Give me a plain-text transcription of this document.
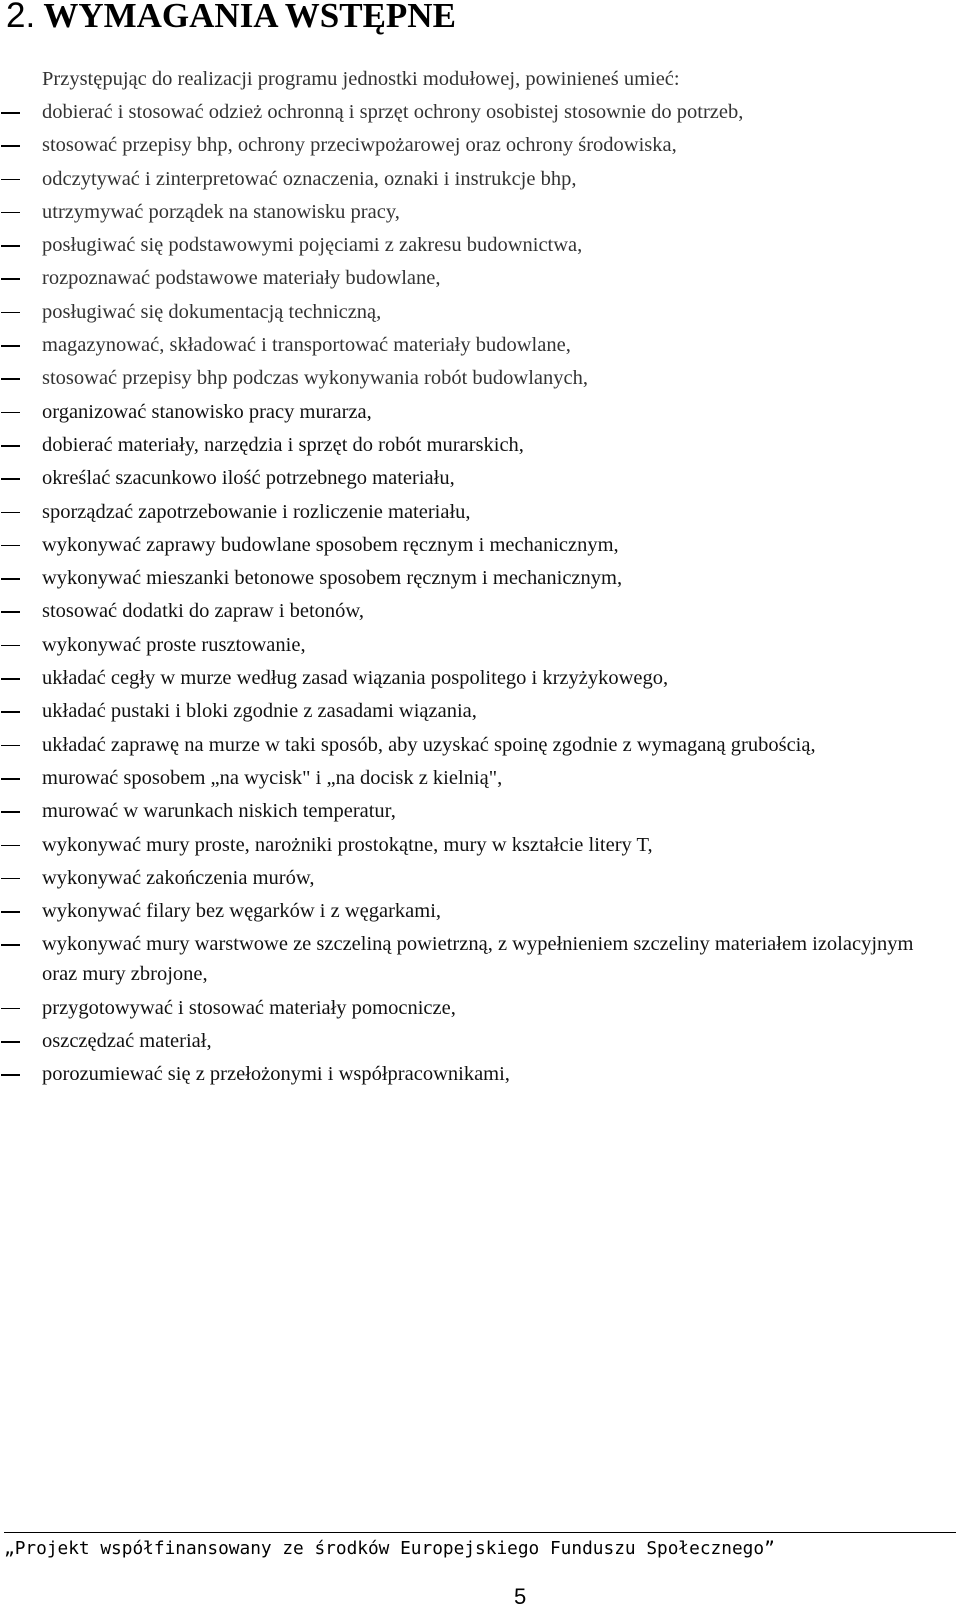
2. WYMAGANIA WSTĘPNE

Przystępując do realizacji programu jednostki modułowej, powinieneś umieć:

dobierać i stosować odzież ochronną i sprzęt ochrony osobistej stosownie do potrzeb,
stosować przepisy bhp, ochrony przeciwpożarowej oraz ochrony środowiska,
odczytywać i zinterpretować oznaczenia, oznaki i instrukcje bhp,
utrzymywać porządek na stanowisku pracy,
posługiwać się podstawowymi pojęciami z zakresu budownictwa,
rozpoznawać podstawowe materiały budowlane,
posługiwać się dokumentacją techniczną,
magazynować, składować i transportować materiały budowlane,
stosować przepisy bhp podczas wykonywania robót budowlanych,
organizować stanowisko pracy murarza,
dobierać materiały, narzędzia i sprzęt do robót murarskich,
określać szacunkowo ilość potrzebnego materiału,
sporządzać zapotrzebowanie i rozliczenie materiału,
wykonywać zaprawy budowlane sposobem ręcznym i mechanicznym,
wykonywać mieszanki betonowe sposobem ręcznym i mechanicznym,
stosować dodatki do zapraw i betonów,
wykonywać proste rusztowanie,
układać cegły w murze według zasad wiązania pospolitego i krzyżykowego,
układać pustaki i bloki zgodnie z zasadami wiązania,
układać zaprawę na murze w taki sposób, aby uzyskać spoinę zgodnie z wymaganą grubością,
murować sposobem „na wycisk" i „na docisk z kielnią",
murować w warunkach niskich temperatur,
wykonywać mury proste, narożniki prostokątne, mury w kształcie litery T,
wykonywać zakończenia murów,
wykonywać filary bez węgarków i z węgarkami,
wykonywać mury warstwowe ze szczeliną powietrzną, z wypełnieniem szczeliny materiałem izolacyjnym oraz mury zbrojone,
przygotowywać i stosować materiały pomocnicze,
oszczędzać materiał,
porozumiewać się z przełożonymi i współpracownikami,
„Projekt współfinansowany ze środków Europejskiego Funduszu Społecznego”
5
